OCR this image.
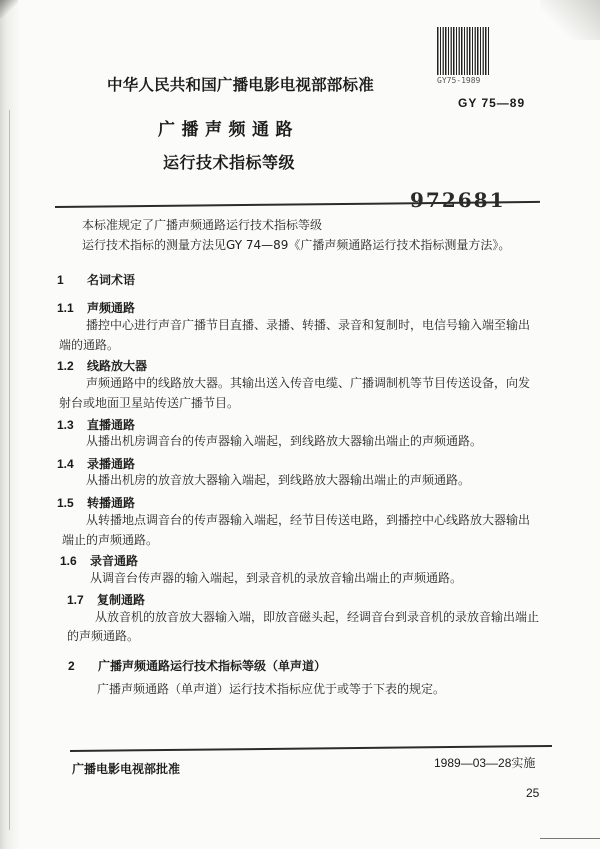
中华人民共和国广播电影电视部部标准	GY75-1989
GY 75—89
广播声频通路
运行技术指标等级
972681
本标准规定了广播声频通路运行技术指标等级
运行技术指标的测量方法见GY 74—89《广播声频通路运行技术指标测量方法》。
1 名词术语
1.1 声频通路
播控中心进行声音广播节目直播、录播、转播、录音和复制时，电信号输入端至输出
端的通路。
1.2 线路放大器
声频通路中的线路放大器。其输出送入传音电缆、广播调制机等节目传送设备，向发
射台或地面卫星站传送广播节目。
1.3 直播通路
从播出机房调音台的传声器输入端起，到线路放大器输出端止的声频通路。
1.4 录播通路
从播出机房的放音放大器输入端起，到线路放大器输出端止的声频通路。
1.5 转播通路
从转播地点调音台的传声器输入端起，经节目传送电路，到播控中心线路放大器输出
端止的声频通路。
1.6 录音通路
从调音台传声器的输入端起，到录音机的录放音输出端止的声频通路。
1.7 复制通路
从放音机的放音放大器输入端，即放音磁头起，经调音台到录音机的录放音输出端止
的声频通路。
2 广播声频通路运行技术指标等级（单声道）
广播声频通路（单声道）运行技术指标应优于或等于下表的规定。
广播电影电视部批准	1989—03—28实施
25
